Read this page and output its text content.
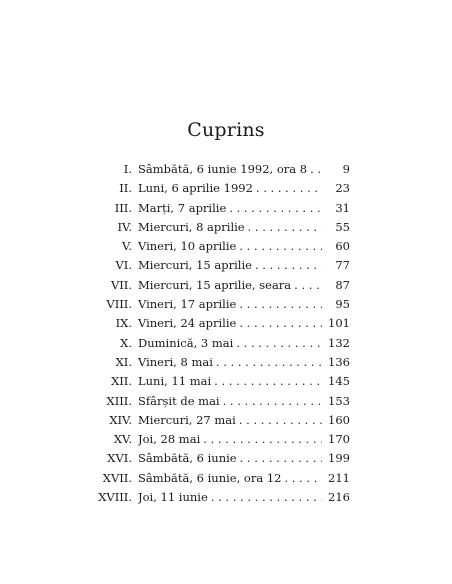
Cuprins
I. Sâmbătă, 6 iunie 1992, ora 8 . . .	9
II. Luni, 6 aprilie 1992 . . .	23
III. Marți, 7 aprilie . . .	31
IV. Miercuri, 8 aprilie . . .	55
V. Vineri, 10 aprilie . . .	60
VI. Miercuri, 15 aprilie . . .	77
VII. Miercuri, 15 aprilie, seara . . .	87
VIII. Vineri, 17 aprilie . . .	95
IX. Vineri, 24 aprilie . . .	101
X. Duminică, 3 mai . . .	132
XI. Vineri, 8 mai . . .	136
XII. Luni, 11 mai . . .	145
XIII. Sfârșit de mai . . .	153
XIV. Miercuri, 27 mai . . .	160
XV. Joi, 28 mai . . .	170
XVI. Sâmbătă, 6 iunie . . .	199
XVII. Sâmbătă, 6 iunie, ora 12 . . .	211
XVIII. Joi, 11 iunie . . .	216
